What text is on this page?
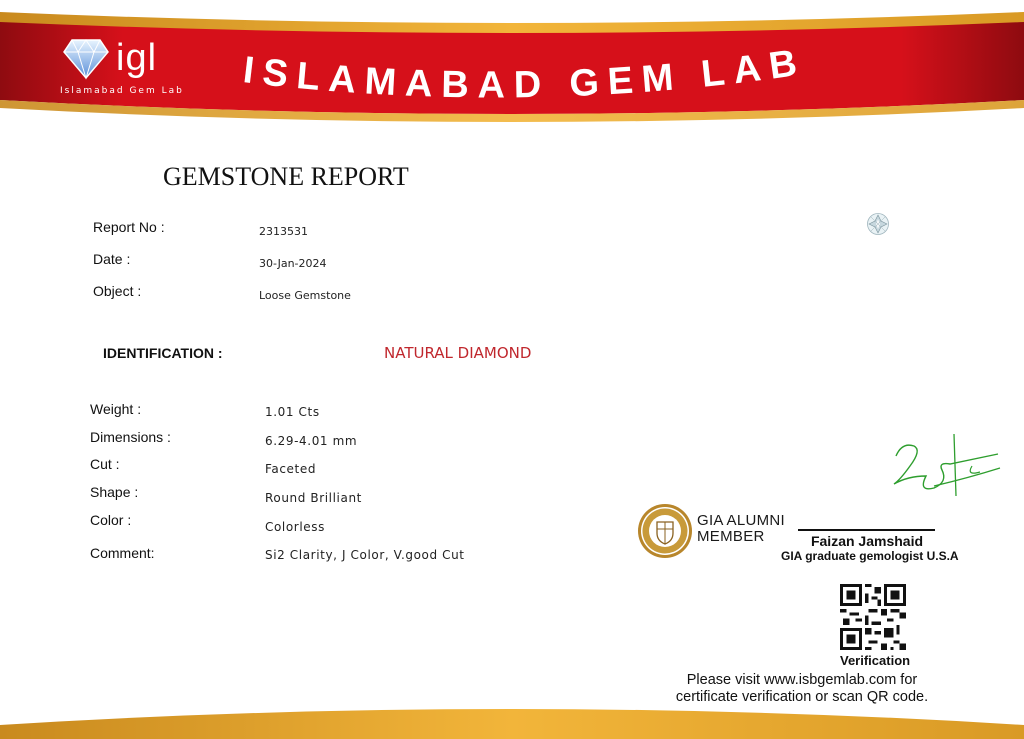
igl
Islamabad Gem Lab ISLAMABAD GEM LAB
GEMSTONE REPORT
Report No :	2313531
Date :	30-Jan-2024
Object :	Loose Gemstone
IDENTIFICATION :	NATURAL DIAMOND
Weight :	1.01 Cts
Dimensions :	6.29-4.01 mm
Cut :	Faceted
Shape :	Round Brilliant
Color :	Colorless
Comment:	Si2 Clarity, J Color, V.good Cut
GIA ALUMNI
MEMBER	Faizan Jamshaid
GIA graduate gemologist U.S.A
Verification
Please visit www.isbgemlab.com for
certificate verification or scan QR code.
